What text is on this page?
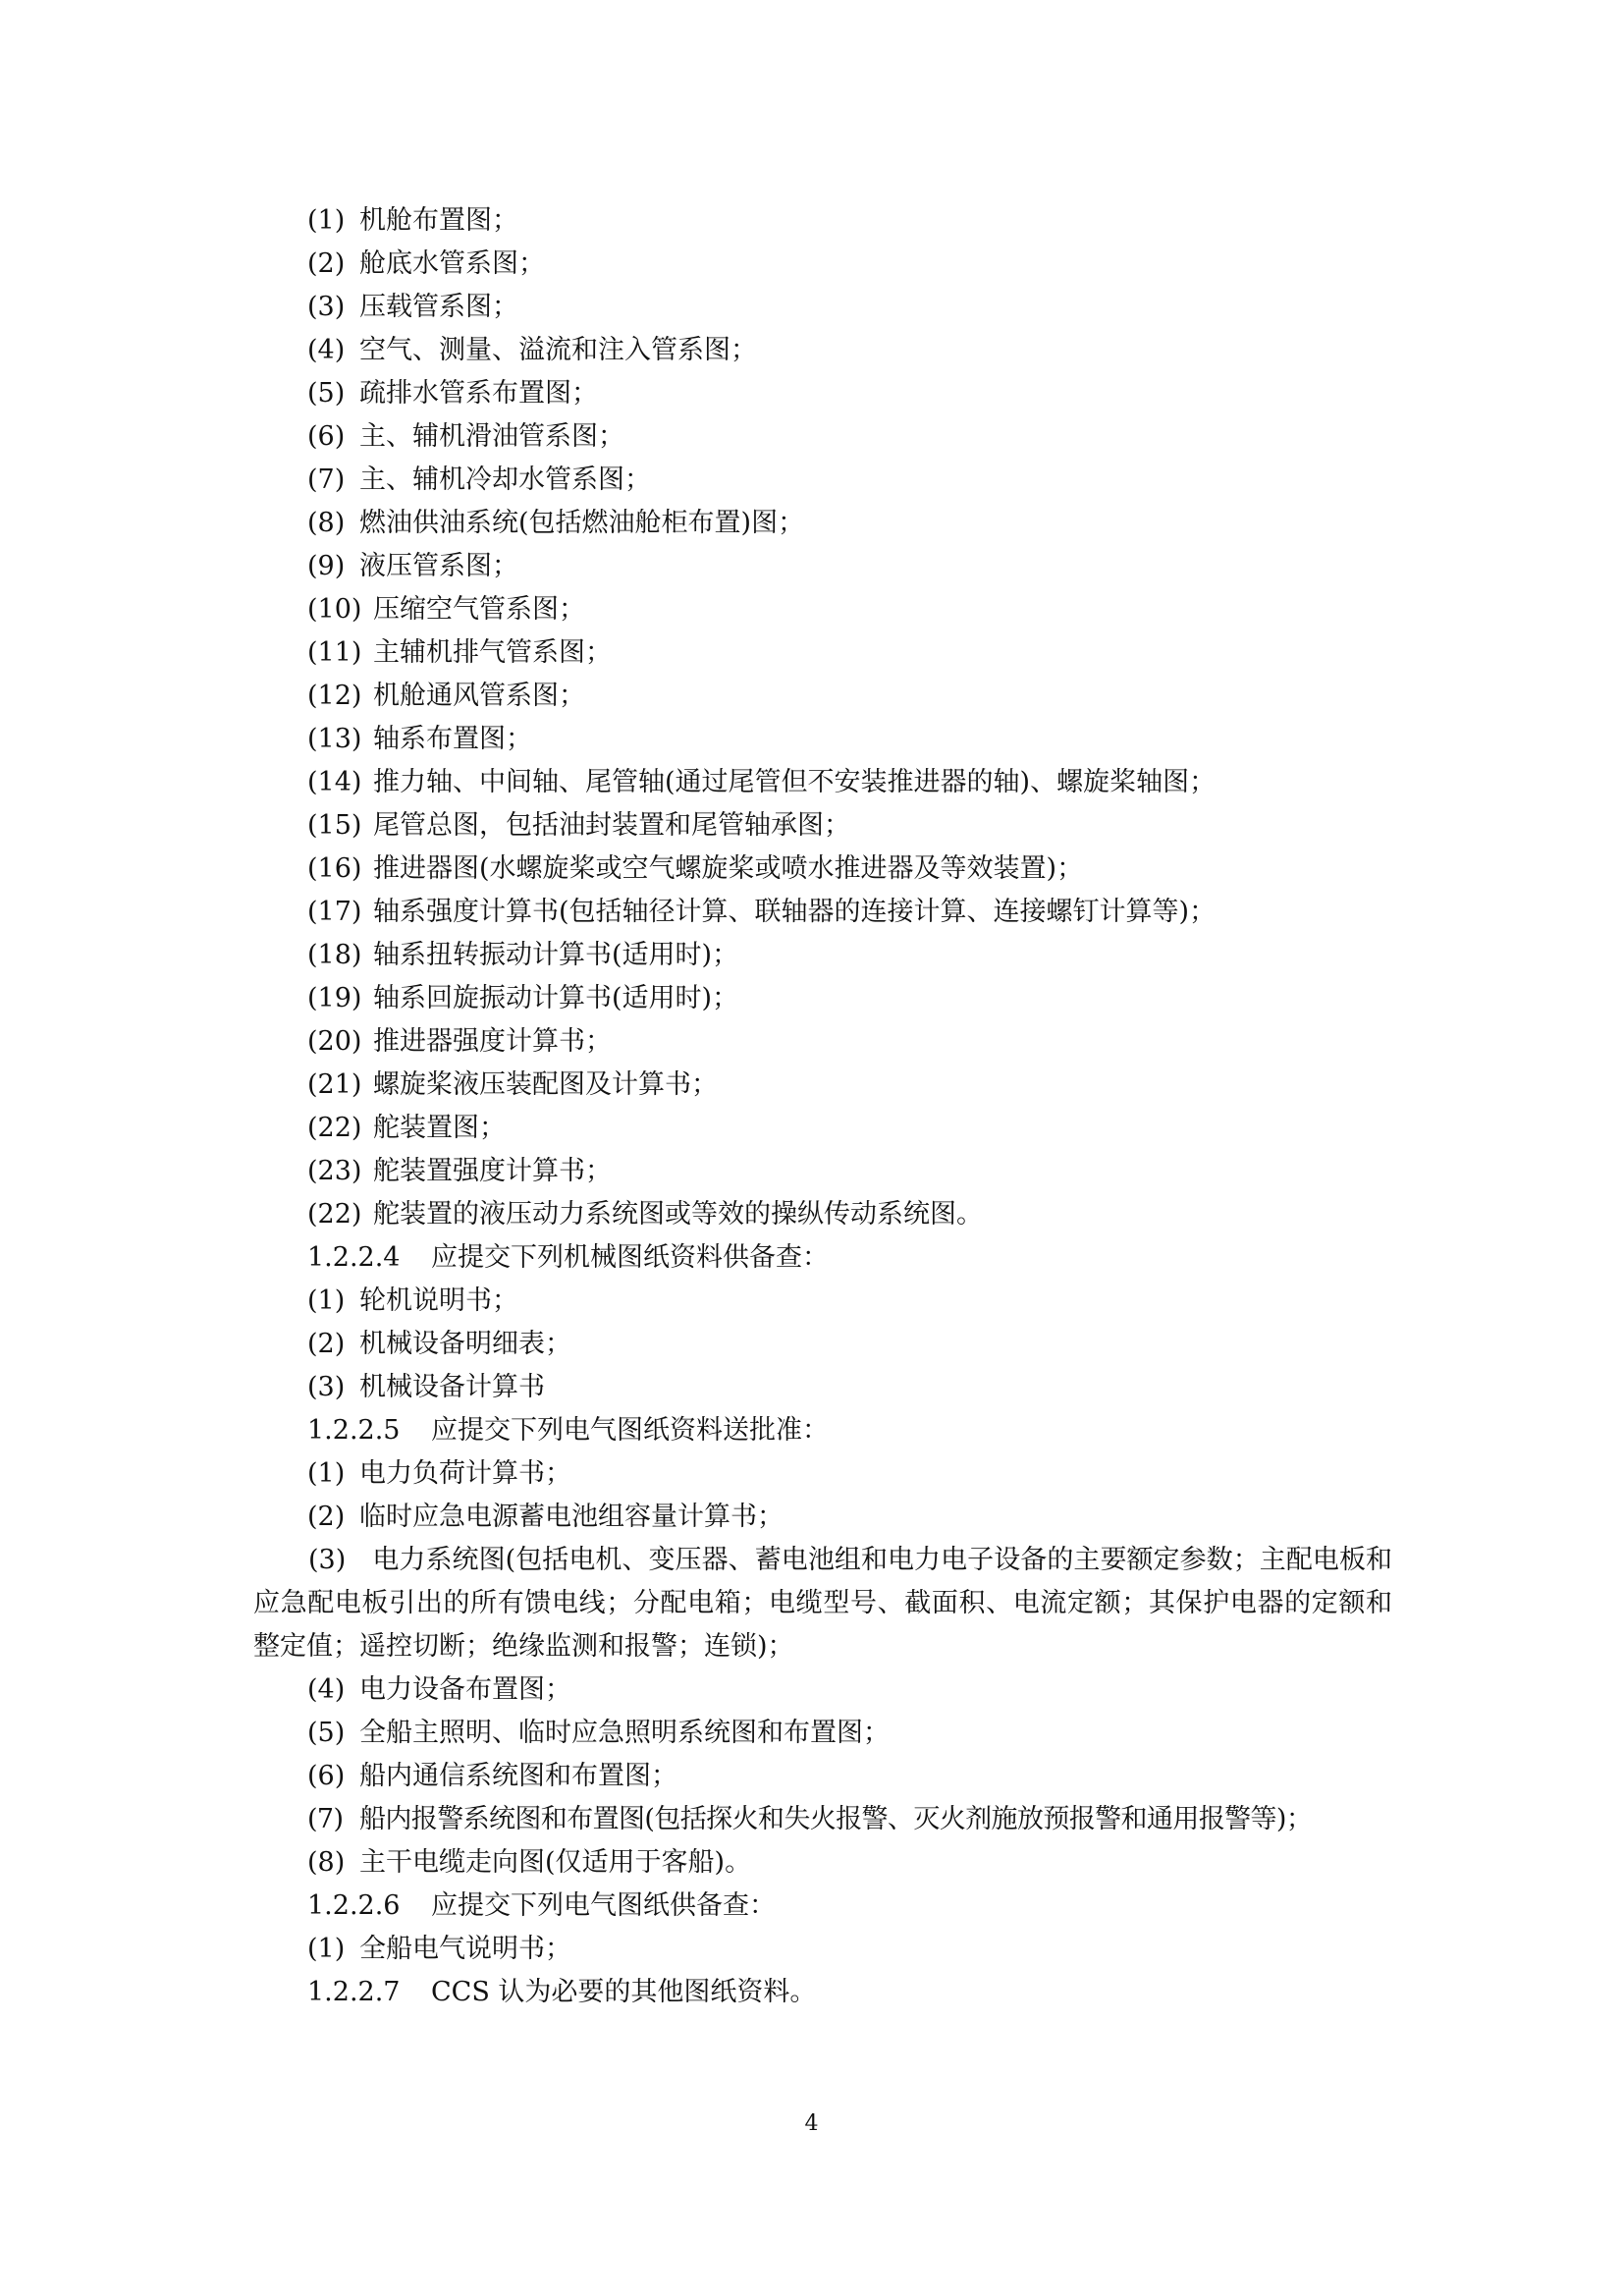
(1) 机舱布置图；
(2) 舱底水管系图；
(3) 压载管系图；
(4) 空气、测量、溢流和注入管系图；
(5) 疏排水管系布置图；
(6) 主、辅机滑油管系图；
(7) 主、辅机冷却水管系图；
(8) 燃油供油系统(包括燃油舱柜布置)图；
(9) 液压管系图；
(10) 压缩空气管系图；
(11) 主辅机排气管系图；
(12) 机舱通风管系图；
(13) 轴系布置图；
(14) 推力轴、中间轴、尾管轴(通过尾管但不安装推进器的轴)、螺旋桨轴图；
(15) 尾管总图，包括油封装置和尾管轴承图；
(16) 推进器图(水螺旋桨或空气螺旋桨或喷水推进器及等效装置)；
(17) 轴系强度计算书(包括轴径计算、联轴器的连接计算、连接螺钉计算等)；
(18) 轴系扭转振动计算书(适用时)；
(19) 轴系回旋振动计算书(适用时)；
(20) 推进器强度计算书；
(21) 螺旋桨液压装配图及计算书；
(22) 舵装置图；
(23) 舵装置强度计算书；
(22) 舵装置的液压动力系统图或等效的操纵传动系统图。
1.2.2.4 应提交下列机械图纸资料供备查：
(1) 轮机说明书；
(2) 机械设备明细表；
(3) 机械设备计算书
1.2.2.5 应提交下列电气图纸资料送批准：
(1) 电力负荷计算书；
(2) 临时应急电源蓄电池组容量计算书；
(3)　电力系统图(包括电机、变压器、蓄电池组和电力电子设备的主要额定参数；主配电板和应急配电板引出的所有馈电线；分配电箱；电缆型号、截面积、电流定额；其保护电器的定额和整定值；遥控切断；绝缘监测和报警；连锁)；
(4) 电力设备布置图；
(5) 全船主照明、临时应急照明系统图和布置图；
(6) 船内通信系统图和布置图；
(7) 船内报警系统图和布置图(包括探火和失火报警、灭火剂施放预报警和通用报警等)；
(8) 主干电缆走向图(仅适用于客船)。
1.2.2.6 应提交下列电气图纸供备查：
(1) 全船电气说明书；
1.2.2.7 CCS 认为必要的其他图纸资料。
4
